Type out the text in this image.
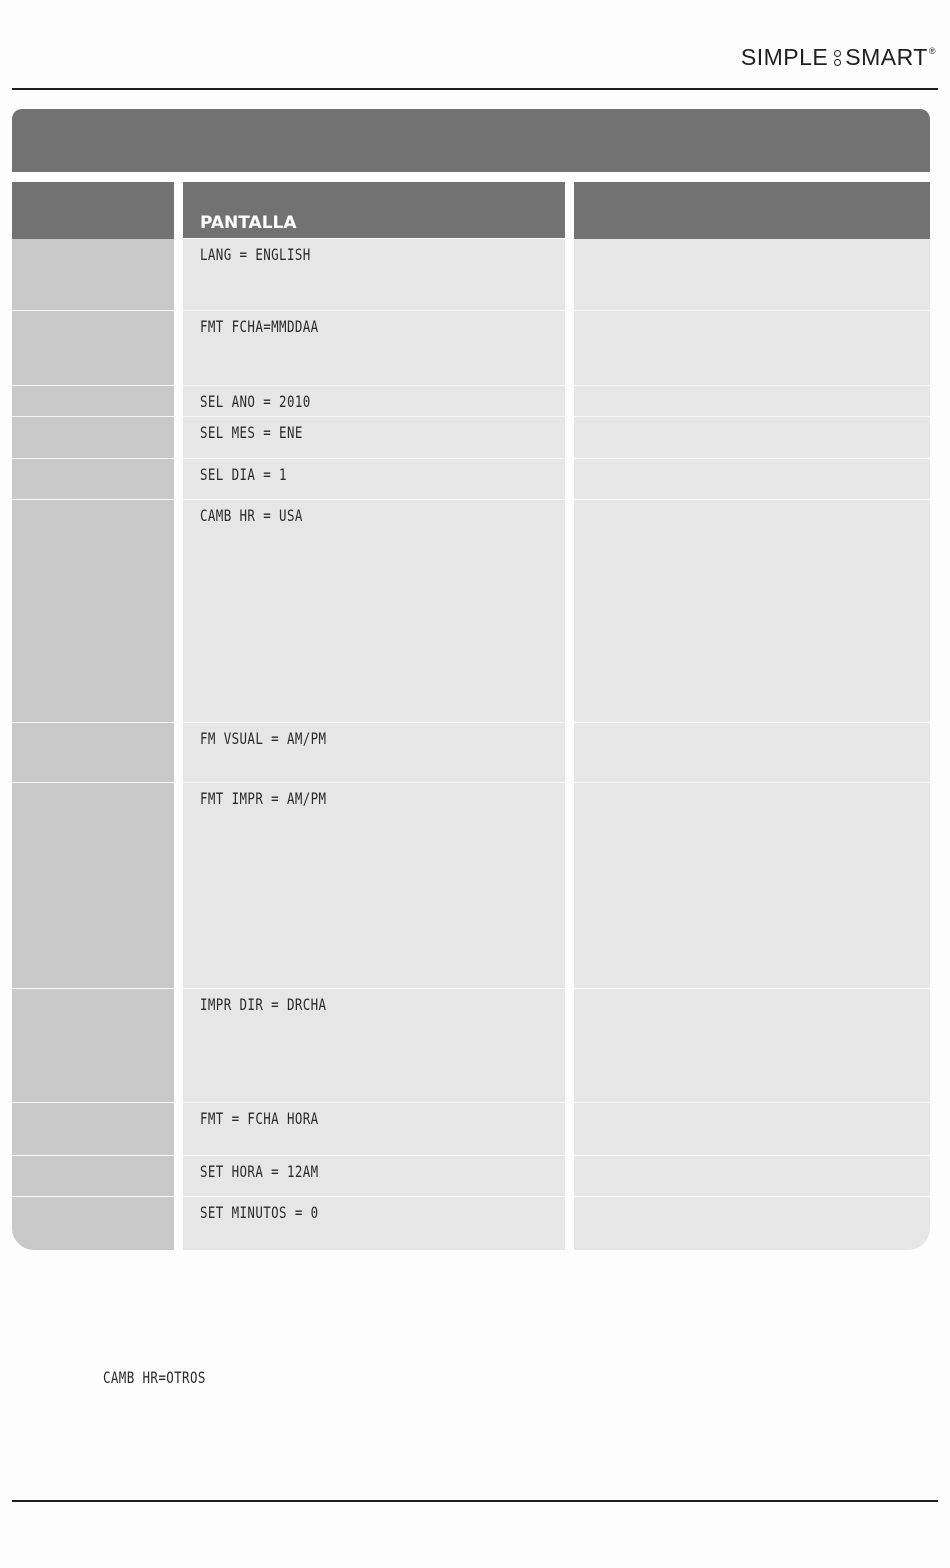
SIMPLE SMART ®
PANTALLA
LANG = ENGLISH
FMT FCHA=MMDDAA
SEL ANO = 2010
SEL MES = ENE
SEL DIA = 1
CAMB HR = USA
FM VSUAL = AM/PM
FMT IMPR = AM/PM
IMPR DIR = DRCHA
FMT = FCHA HORA
SET HORA = 12AM
SET MINUTOS = 0
CAMB HR=OTROS
